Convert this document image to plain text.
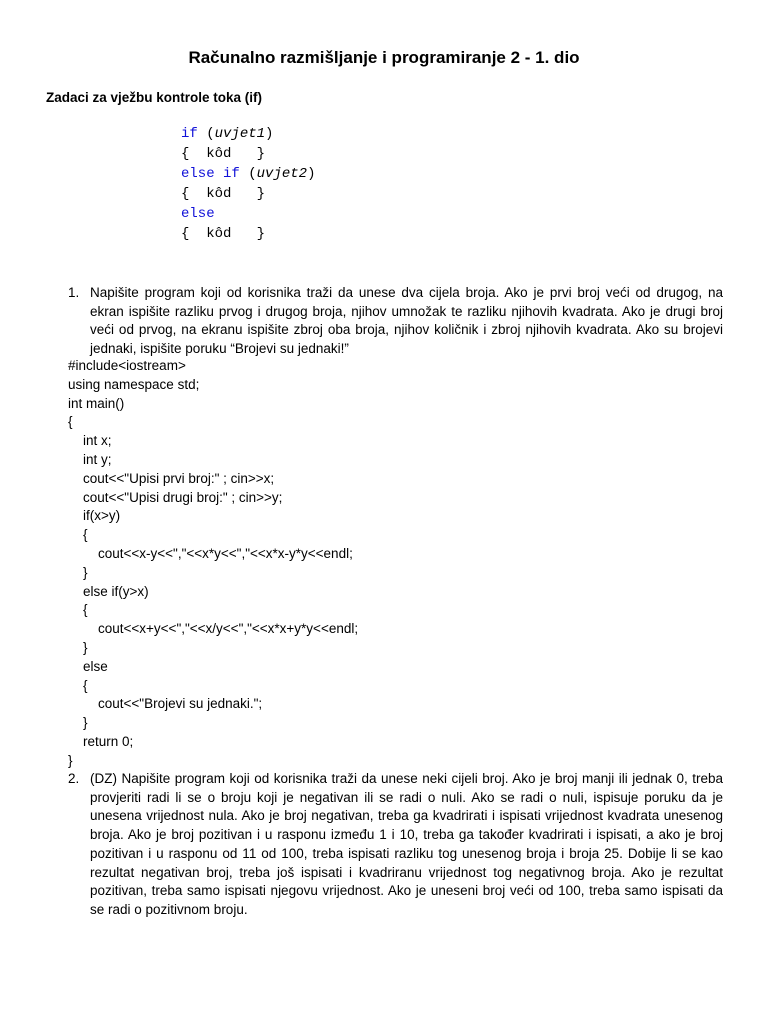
Računalno razmišljanje i programiranje 2 - 1. dio
Zadaci za vježbu kontrole toka (if)
if (uvjet1)
{  kôd   }
else if (uvjet2)
{  kôd   }
else
{  kôd   }
1. Napišite program koji od korisnika traži da unese dva cijela broja. Ako je prvi broj veći od drugog, na ekran ispišite razliku prvog i drugog broja, njihov umnožak te razliku njihovih kvadrata. Ako je drugi broj veći od prvog, na ekranu ispišite zbroj oba broja, njihov količnik i zbroj njihovih kvadrata. Ako su brojevi jednaki, ispišite poruku “Brojevi su jednaki!”
#include<iostream>
using namespace std;
int main()
{
int x;
int y;
cout<<"Upisi prvi broj:" ; cin>>x;
cout<<"Upisi drugi broj:" ; cin>>y;
if(x>y)
{
cout<<x-y<<","<<x*y<<","<<x*x-y*y<<endl;
}
else if(y>x)
{
cout<<x+y<<","<<x/y<<","<<x*x+y*y<<endl;
}
else
{
cout<<"Brojevi su jednaki.";
}
return 0;
}
2. (DZ) Napišite program koji od korisnika traži da unese neki cijeli broj. Ako je broj manji ili jednak 0, treba provjeriti radi li se o broju koji je negativan ili se radi o nuli. Ako se radi o nuli, ispisuje poruku da je unesena vrijednost nula. Ako je broj negativan, treba ga kvadrirati i ispisati vrijednost kvadrata unesenog broja. Ako je broj pozitivan i u rasponu između 1 i 10, treba ga također kvadrirati i ispisati, a ako je broj pozitivan i u rasponu od 11 od 100, treba ispisati razliku tog unesenog broja i broja 25. Dobije li se kao rezultat negativan broj, treba još ispisati i kvadriranu vrijednost tog negativnog broja. Ako je rezultat pozitivan, treba samo ispisati njegovu vrijednost. Ako je uneseni broj veći od 100, treba samo ispisati da se radi o pozitivnom broju.
